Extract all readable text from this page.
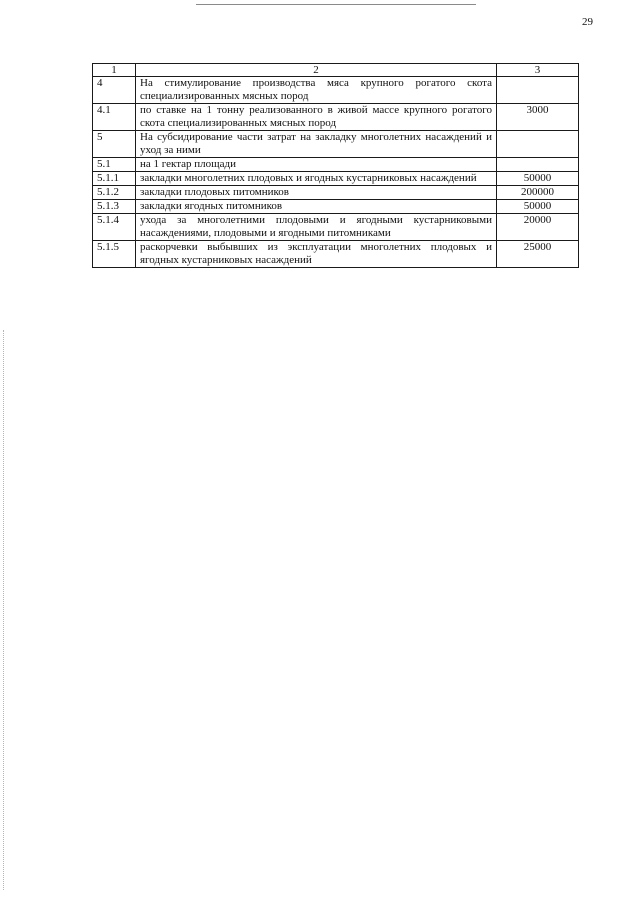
29
1	2	3
4	На стимулирование производства мяса крупного рогатого скота специализированных мясных пород	
4.1	по ставке на 1 тонну реализованного в живой массе крупного рогатого скота специализированных мясных пород	3000
5	На субсидирование части затрат на закладку многолетних насаждений и уход за ними	
5.1	на 1 гектар площади	
5.1.1	закладки многолетних плодовых и ягодных кустарниковых насаждений	50000
5.1.2	закладки плодовых питомников	200000
5.1.3	закладки ягодных питомников	50000
5.1.4	ухода за многолетними плодовыми и ягодными кустарниковыми насаждениями, плодовыми и ягодными питомниками	20000
5.1.5	раскорчевки выбывших из эксплуатации многолетних плодовых и ягодных кустарниковых насаждений	25000
